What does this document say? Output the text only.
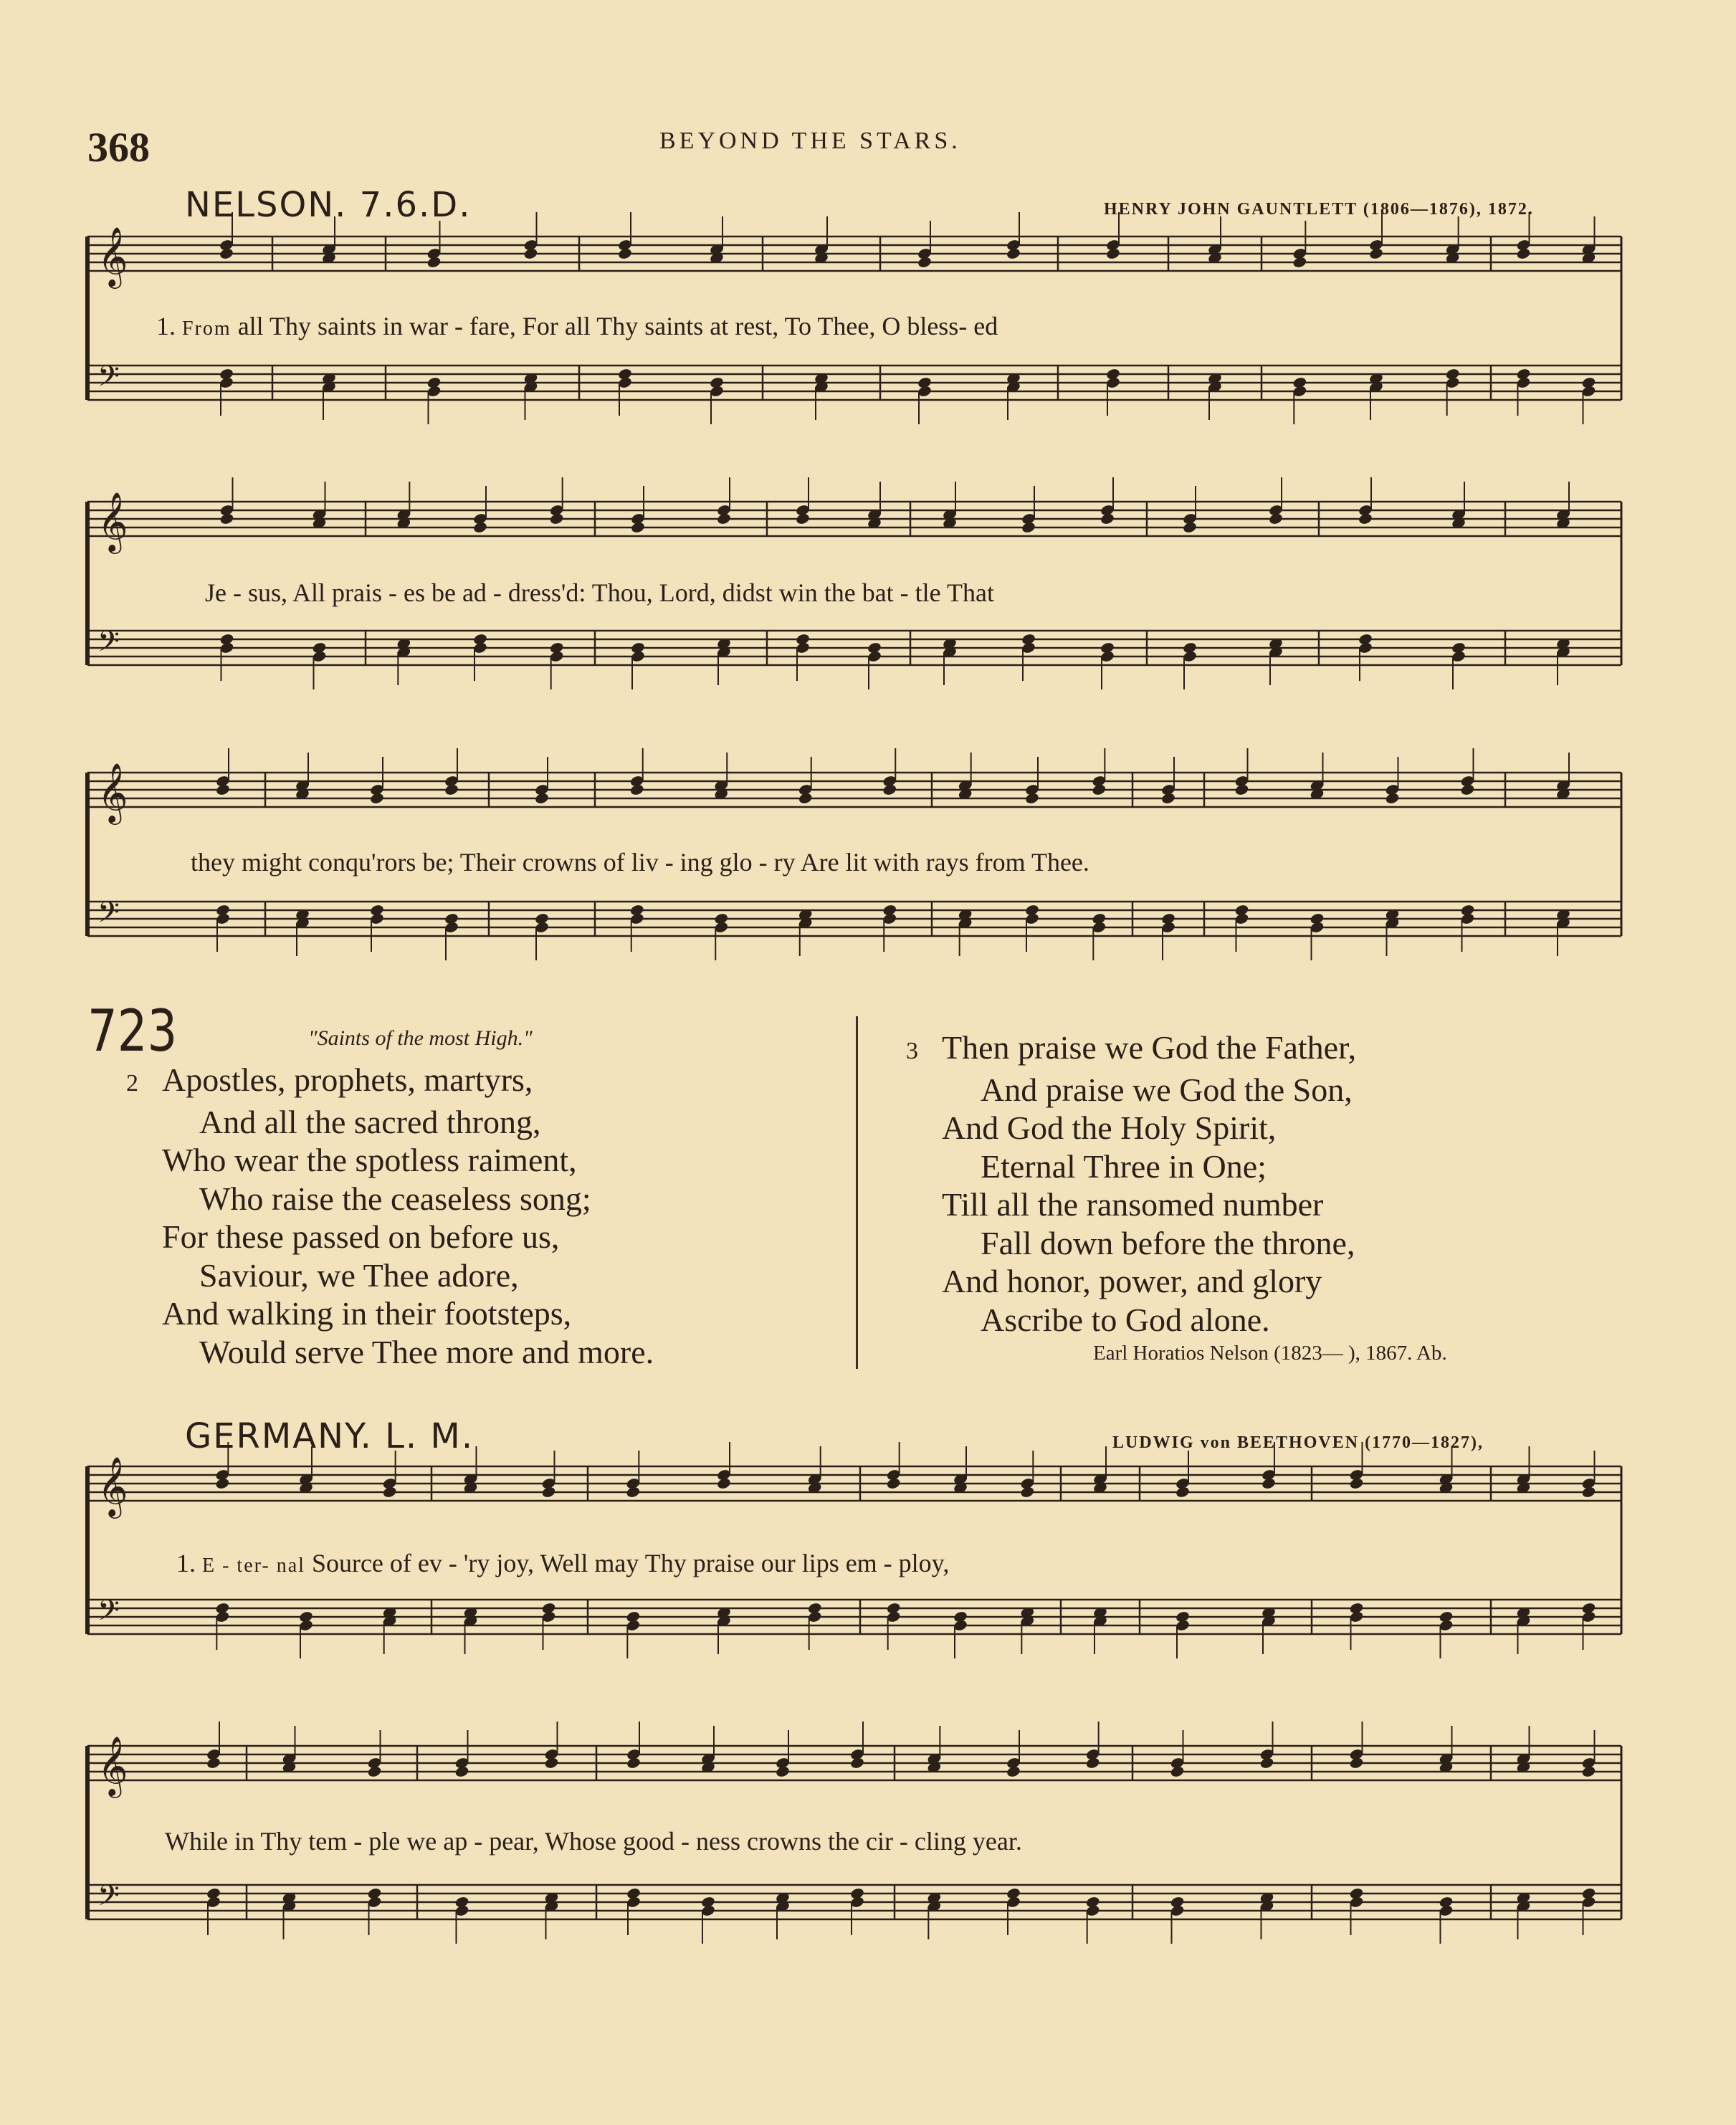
368	BEYOND THE STARS.
NELSON. 7.6.D.	HENRY JOHN GAUNTLETT (1806—1876), 1872.
𝄞
𝄢
𝄞
𝄢
𝄞
𝄢
𝄞
𝄢
𝄞
𝄢
1. From all Thy saints in war - fare, For all Thy saints at rest, To Thee, O bless- ed
Je - sus, All prais - es be ad - dress'd: Thou, Lord, didst win the bat - tle That
they might conqu'rors be; Their crowns of liv - ing glo - ry Are lit with rays from Thee.
723	"Saints of the most High."
2 Apostles, prophets, martyrs,
And all the sacred throng,
Who wear the spotless raiment,
Who raise the ceaseless song;
For these passed on before us,
Saviour, we Thee adore,
And walking in their footsteps,
Would serve Thee more and more.
3 Then praise we God the Father,
And praise we God the Son,
And God the Holy Spirit,
Eternal Three in One;
Till all the ransomed number
Fall down before the throne,
And honor, power, and glory
Ascribe to God alone.
Earl Horatios Nelson (1823— ), 1867. Ab.
GERMANY. L. M.	LUDWIG von BEETHOVEN (1770—1827),
1. E - ter- nal Source of ev - 'ry joy, Well may Thy praise our lips em - ploy,
While in Thy tem - ple we ap - pear, Whose good - ness crowns the cir - cling year.
